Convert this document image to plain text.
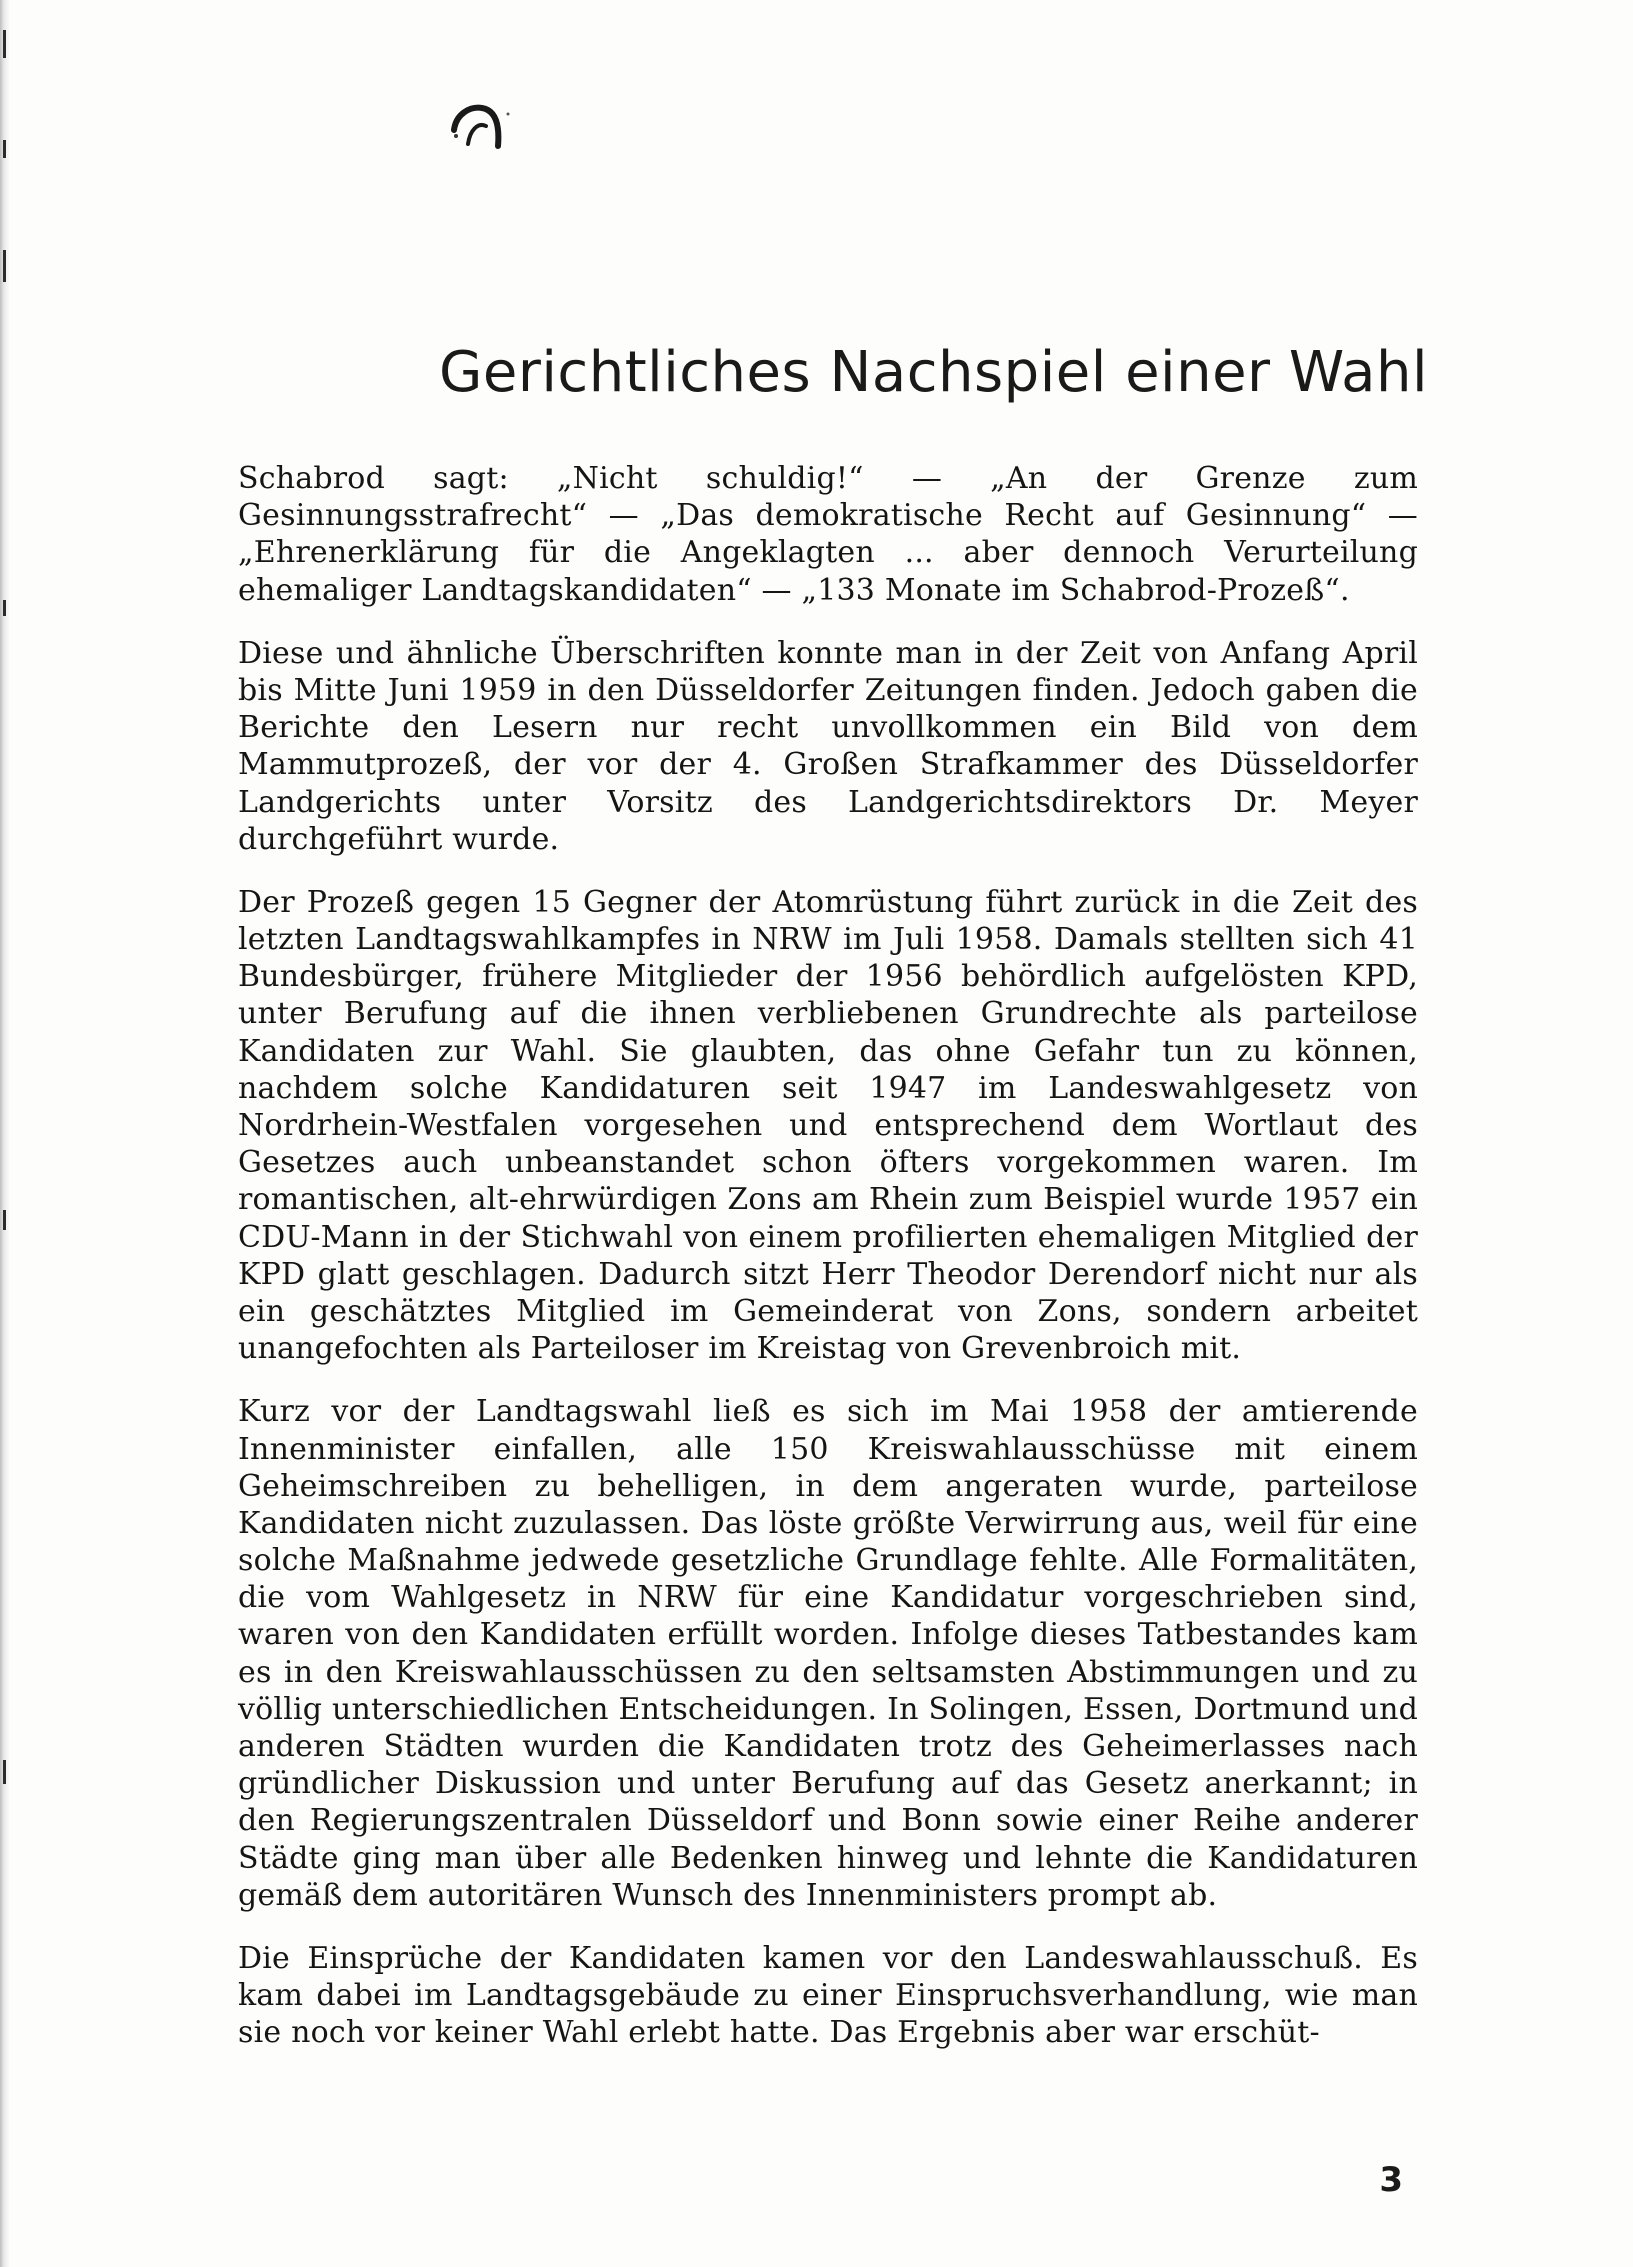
Gerichtliches Nachspiel einer Wahl

Schabrod sagt: „Nicht schuldig!“ — „An der Grenze zum Gesinnungsstrafrecht“ — „Das demokratische Recht auf Gesinnung“ — „Ehrenerklärung für die Angeklagten ... aber dennoch Verurteilung ehemaliger Landtagskandidaten“ — „133 Monate im Schabrod-Prozeß“.

Diese und ähnliche Überschriften konnte man in der Zeit von Anfang April bis Mitte Juni 1959 in den Düsseldorfer Zeitungen finden. Jedoch gaben die Berichte den Lesern nur recht unvollkommen ein Bild von dem Mammutprozeß, der vor der 4. Großen Strafkammer des Düsseldorfer Landgerichts unter Vorsitz des Landgerichtsdirektors Dr. Meyer durchgeführt wurde.

Der Prozeß gegen 15 Gegner der Atomrüstung führt zurück in die Zeit des letzten Landtagswahlkampfes in NRW im Juli 1958. Damals stellten sich 41 Bundesbürger, frühere Mitglieder der 1956 behördlich aufgelösten KPD, unter Berufung auf die ihnen verbliebenen Grundrechte als parteilose Kandidaten zur Wahl. Sie glaubten, das ohne Gefahr tun zu können, nachdem solche Kandidaturen seit 1947 im Landeswahlgesetz von Nordrhein-Westfalen vorgesehen und entsprechend dem Wortlaut des Gesetzes auch unbeanstandet schon öfters vorgekommen waren. Im romantischen, alt-ehrwürdigen Zons am Rhein zum Beispiel wurde 1957 ein CDU-Mann in der Stichwahl von einem profilierten ehemaligen Mitglied der KPD glatt geschlagen. Dadurch sitzt Herr Theodor Derendorf nicht nur als ein geschätztes Mitglied im Gemeinderat von Zons, sondern arbeitet unangefochten als Parteiloser im Kreistag von Grevenbroich mit.

Kurz vor der Landtagswahl ließ es sich im Mai 1958 der amtierende Innenminister einfallen, alle 150 Kreiswahlausschüsse mit einem Geheimschreiben zu behelligen, in dem angeraten wurde, parteilose Kandidaten nicht zuzulassen. Das löste größte Verwirrung aus, weil für eine solche Maßnahme jedwede gesetzliche Grundlage fehlte. Alle Formalitäten, die vom Wahlgesetz in NRW für eine Kandidatur vorgeschrieben sind, waren von den Kandidaten erfüllt worden. Infolge dieses Tatbestandes kam es in den Kreiswahlausschüssen zu den seltsamsten Abstimmungen und zu völlig unterschiedlichen Entscheidungen. In Solingen, Essen, Dortmund und anderen Städten wurden die Kandidaten trotz des Geheimerlasses nach gründlicher Diskussion und unter Berufung auf das Gesetz anerkannt; in den Regierungszentralen Düsseldorf und Bonn sowie einer Reihe anderer Städte ging man über alle Bedenken hinweg und lehnte die Kandidaturen gemäß dem autoritären Wunsch des Innenministers prompt ab.

Die Einsprüche der Kandidaten kamen vor den Landeswahlausschuß. Es kam dabei im Landtagsgebäude zu einer Einspruchsverhandlung, wie man sie noch vor keiner Wahl erlebt hatte. Das Ergebnis aber war erschüt-

3
